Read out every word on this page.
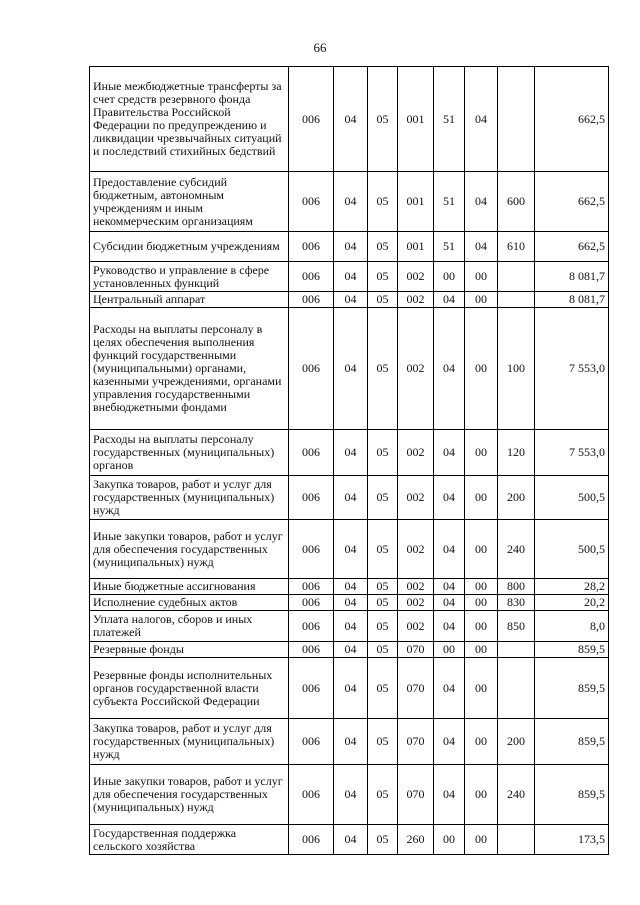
66
Иные межбюджетные трансферты за счет средств резервного фонда Правительства Российской Федерации по предупреждению и ликвидации чрезвычайных ситуаций и последствий стихийных бедствий	006	04	05	001	51	04		662,5
Предоставление субсидий бюджетным, автономным учреждениям и иным некоммерческим организациям	006	04	05	001	51	04	600	662,5
Субсидии бюджетным учреждениям	006	04	05	001	51	04	610	662,5
Руководство и управление в сфере установленных функций	006	04	05	002	00	00		8 081,7
Центральный аппарат	006	04	05	002	04	00		8 081,7
Расходы на выплаты персоналу в целях обеспечения выполнения функций государственными (муниципальными) органами, казенными учреждениями, органами управления государственными внебюджетными фондами	006	04	05	002	04	00	100	7 553,0
Расходы на выплаты персоналу государственных (муниципальных) органов	006	04	05	002	04	00	120	7 553,0
Закупка товаров, работ и услуг для государственных (муниципальных) нужд	006	04	05	002	04	00	200	500,5
Иные закупки товаров, работ и услуг для обеспечения государственных (муниципальных) нужд	006	04	05	002	04	00	240	500,5
Иные бюджетные ассигнования	006	04	05	002	04	00	800	28,2
Исполнение судебных актов	006	04	05	002	04	00	830	20,2
Уплата налогов, сборов и иных платежей	006	04	05	002	04	00	850	8,0
Резервные фонды	006	04	05	070	00	00		859,5
Резервные фонды исполнительных органов государственной власти субъекта Российской Федерации	006	04	05	070	04	00		859,5
Закупка товаров, работ и услуг для государственных (муниципальных) нужд	006	04	05	070	04	00	200	859,5
Иные закупки товаров, работ и услуг для обеспечения государственных (муниципальных) нужд	006	04	05	070	04	00	240	859,5
Государственная поддержка сельского хозяйства	006	04	05	260	00	00		173,5
